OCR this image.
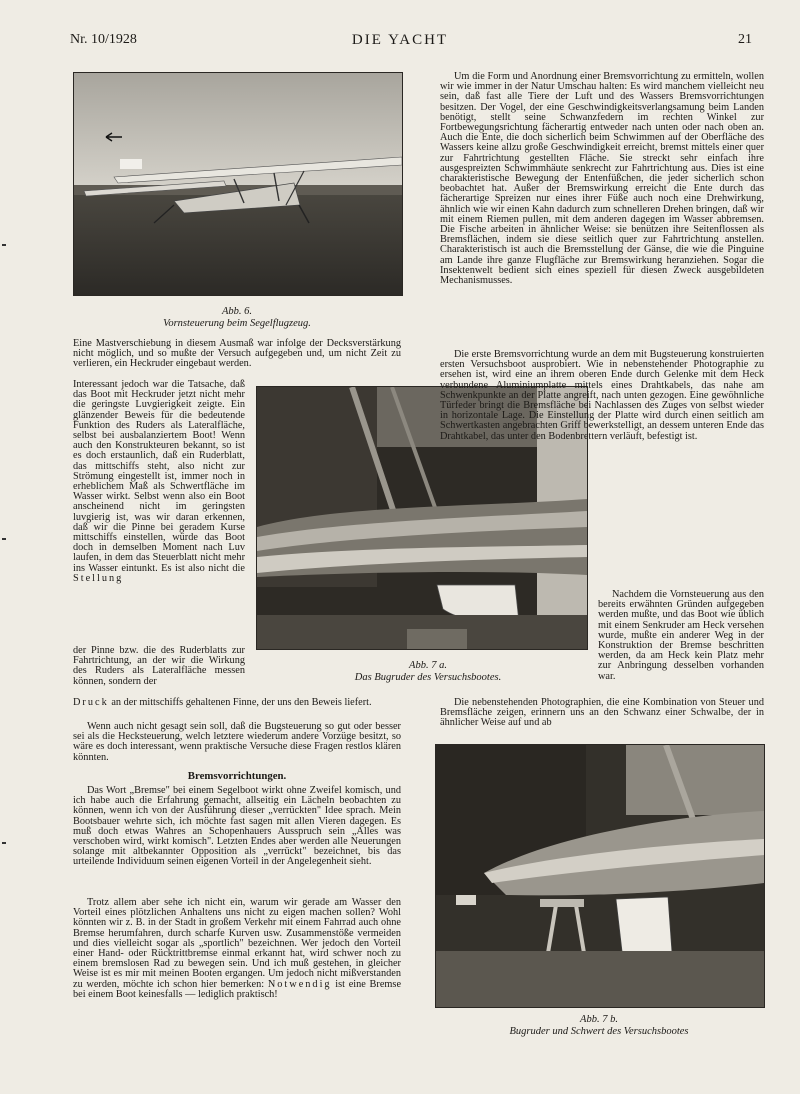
Nr. 10/1928	DIE YACHT	21
Abb. 6.
Vornsteuerung beim Segelflugzeug.
Abb. 7 a.
Das Bugruder des Versuchsbootes.
Abb. 7 b.
Bugruder und Schwert des Versuchsbootes

Eine Mastverschiebung in diesem Ausmaß war infolge der Decksverstärkung nicht möglich, und so mußte der Versuch aufgegeben und, um nicht Zeit zu verlieren, ein Heckruder eingebaut werden.

Interessant jedoch war die Tatsache, daß das Boot mit Heckruder jetzt nicht mehr die geringste Luvgierigkeit zeigte. Ein glänzender Beweis für die bedeutende Funktion des Ruders als Lateralfläche, selbst bei ausbalanziertem Boot! Wenn auch den Konstrukteuren bekannt, so ist es doch erstaunlich, daß ein Ruderblatt, das mittschiffs steht, also nicht zur Strömung eingestellt ist, immer noch in erheblichem Maß als Schwertfläche im Wasser wirkt. Selbst wenn also ein Boot anscheinend nicht im geringsten luvgierig ist, was wir daran erkennen, daß wir die Pinne bei geradem Kurse mittschiffs einstellen, würde das Boot doch in demselben Moment nach Luv laufen, in dem das Steuerblatt nicht mehr ins Wasser eintunkt. Es ist also nicht die Stellung

der Pinne bzw. die des Ruderblatts zur Fahrtrichtung, an der wir die Wirkung des Ruders als Lateralfläche messen können, sondern der

Druck an der mittschiffs gehaltenen Finne, der uns den Beweis liefert.

Wenn auch nicht gesagt sein soll, daß die Bugsteuerung so gut oder besser sei als die Hecksteuerung, welch letztere wiederum andere Vorzüge besitzt, so wäre es doch interessant, wenn praktische Versuche diese Fragen restlos klären könnten.

Bremsvorrichtungen.

Das Wort „Bremse" bei einem Segelboot wirkt ohne Zweifel komisch, und ich habe auch die Erfahrung gemacht, allseitig ein Lächeln beobachten zu können, wenn ich von der Ausführung dieser „verrückten" Idee sprach. Mein Bootsbauer wehrte sich, ich möchte fast sagen mit allen Vieren dagegen. Es muß doch etwas Wahres an Schopenhauers Ausspruch sein „Alles was verschoben wird, wirkt komisch". Letzten Endes aber werden alle Neuerungen solange mit altbekannter Opposition als „verrückt" bezeichnet, bis das urteilende Individuum seinen eigenen Vorteil in der Angelegenheit sieht.

Trotz allem aber sehe ich nicht ein, warum wir gerade am Wasser den Vorteil eines plötzlichen Anhaltens uns nicht zu eigen machen sollen? Wohl könnten wir z. B. in der Stadt in großem Verkehr mit einem Fahrrad auch ohne Bremse herumfahren, durch scharfe Kurven usw. Zusammenstöße vermeiden und dies vielleicht sogar als „sportlich" bezeichnen. Wer jedoch den Vorteil einer Hand- oder Rücktrittbremse einmal erkannt hat, wird schwer noch zu einem bremslosen Rad zu bewegen sein. Und ich muß gestehen, in gleicher Weise ist es mir mit meinen Booten ergangen. Um jedoch nicht mißverstanden zu werden, möchte ich schon hier bemerken: Notwendig ist eine Bremse bei einem Boot keinesfalls — lediglich praktisch!

Um die Form und Anordnung einer Bremsvorrichtung zu ermitteln, wollen wir wie immer in der Natur Umschau halten: Es wird manchem vielleicht neu sein, daß fast alle Tiere der Luft und des Wassers Bremsvorrichtungen besitzen. Der Vogel, der eine Geschwindigkeitsverlangsamung beim Landen benötigt, stellt seine Schwanzfedern im rechten Winkel zur Fortbewegungsrichtung fächerartig entweder nach unten oder nach oben an. Auch die Ente, die doch sicherlich beim Schwimmen auf der Oberfläche des Wassers keine allzu große Geschwindigkeit erreicht, bremst mittels einer quer zur Fahrtrichtung gestellten Fläche. Sie streckt sehr einfach ihre ausgespreizten Schwimmhäute senkrecht zur Fahrtrichtung aus. Dies ist eine charakteristische Bewegung der Entenfüßchen, die jeder sicherlich schon beobachtet hat. Außer der Bremswirkung erreicht die Ente durch das fächerartige Spreizen nur eines ihrer Füße auch noch eine Drehwirkung, ähnlich wie wir einen Kahn dadurch zum schnelleren Drehen bringen, daß wir mit einem Riemen pullen, mit dem anderen dagegen im Wasser abbremsen. Die Fische arbeiten in ähnlicher Weise: sie benützen ihre Seitenflossen als Bremsflächen, indem sie diese seitlich quer zur Fahrtrichtung anstellen. Charakteristisch ist auch die Bremsstellung der Gänse, die wie die Pinguine am Lande ihre ganze Flugfläche zur Bremswirkung heranziehen. Sogar die Insektenwelt bedient sich eines speziell für diesen Zweck ausgebildeten Mechanismusses.

Die erste Bremsvorrichtung wurde an dem mit Bugsteuerung konstruierten ersten Versuchsboot ausprobiert. Wie in nebenstehender Photographie zu ersehen ist, wird eine an ihrem oberen Ende durch Gelenke mit dem Heck verbundene Aluminiumplatte mittels eines Drahtkabels, das nahe am Schwenkpunkte an der Platte angreift, nach unten gezogen. Eine gewöhnliche Türfeder bringt die Bremsfläche bei Nachlassen des Zuges von selbst wieder in horizontale Lage. Die Einstellung der Platte wird durch einen seitlich am Schwertkasten angebrachten Griff bewerkstelligt, an dessem unteren Ende das Drahtkabel, das unter den Bodenbrettern verläuft, befestigt ist.

Nachdem die Vornsteuerung aus den bereits erwähnten Gründen aufgegeben werden mußte, und das Boot wie üblich mit einem Senkruder am Heck versehen wurde, mußte ein anderer Weg in der Konstruktion der Bremse beschritten werden, da am Heck kein Platz mehr zur Anbringung desselben vorhanden war.

Die nebenstehenden Photographien, die eine Kombination von Steuer und Bremsfläche zeigen, erinnern uns an den Schwanz einer Schwalbe, der in ähnlicher Weise auf und ab
